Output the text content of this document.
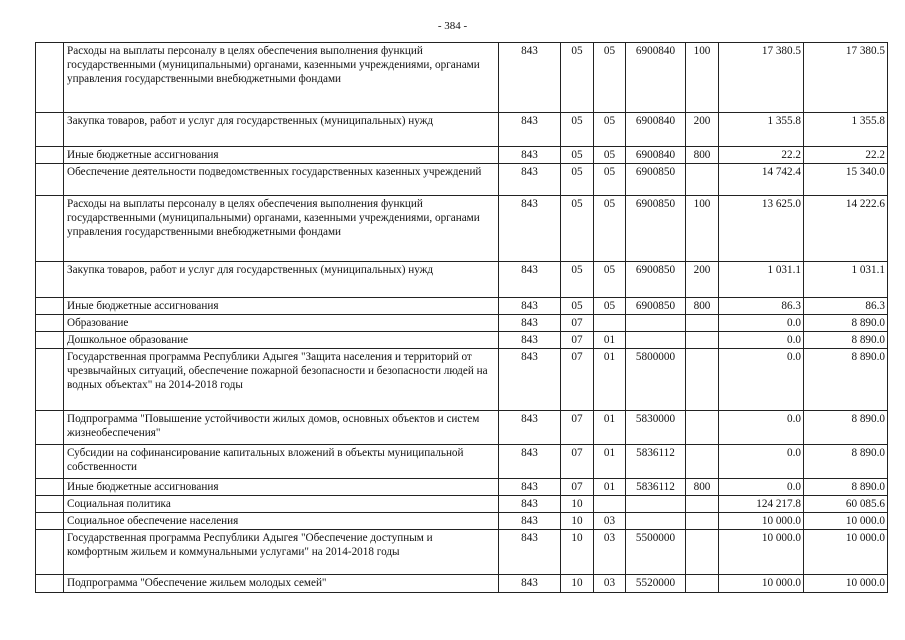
- 384 -
	Расходы на выплаты персоналу в целях обеспечения выполнения функций государственными (муниципальными) органами, казенными учреждениями, органами управления государственными внебюджетными фондами	843	05	05	6900840	100	17 380.5	17 380.5
	Закупка товаров, работ и услуг для государственных (муниципальных) нужд	843	05	05	6900840	200	1 355.8	1 355.8
	Иные бюджетные ассигнования	843	05	05	6900840	800	22.2	22.2
	Обеспечение деятельности подведомственных государственных казенных учреждений	843	05	05	6900850		14 742.4	15 340.0
	Расходы на выплаты персоналу в целях обеспечения выполнения функций государственными (муниципальными) органами, казенными учреждениями, органами управления государственными внебюджетными фондами	843	05	05	6900850	100	13 625.0	14 222.6
	Закупка товаров, работ и услуг для государственных (муниципальных) нужд	843	05	05	6900850	200	1 031.1	1 031.1
	Иные бюджетные ассигнования	843	05	05	6900850	800	86.3	86.3
	Образование	843	07				0.0	8 890.0
	Дошкольное образование	843	07	01			0.0	8 890.0
	Государственная программа Республики Адыгея "Защита населения и территорий от чрезвычайных ситуаций, обеспечение пожарной безопасности и безопасности людей на водных объектах" на 2014-2018 годы	843	07	01	5800000		0.0	8 890.0
	Подпрограмма "Повышение устойчивости жилых домов, основных объектов и систем жизнеобеспечения"	843	07	01	5830000		0.0	8 890.0
	Субсидии на софинансирование капитальных вложений в объекты муниципальной собственности	843	07	01	5836112		0.0	8 890.0
	Иные бюджетные ассигнования	843	07	01	5836112	800	0.0	8 890.0
	Социальная политика	843	10				124 217.8	60 085.6
	Социальное обеспечение населения	843	10	03			10 000.0	10 000.0
	Государственная программа Республики Адыгея "Обеспечение доступным и комфортным жильем и коммунальными услугами" на 2014-2018 годы	843	10	03	5500000		10 000.0	10 000.0
	Подпрограмма "Обеспечение жильем молодых семей"	843	10	03	5520000		10 000.0	10 000.0
